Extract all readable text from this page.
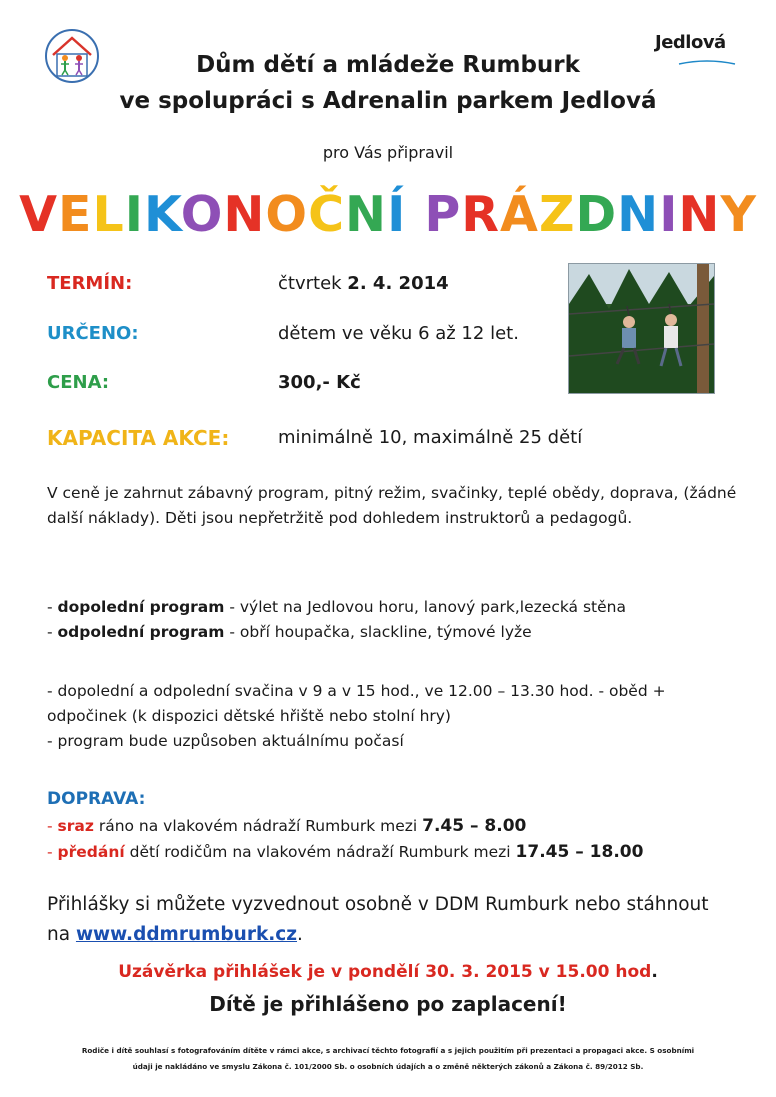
Jedlová
Dům dětí a mládeže Rumburk
ve spolupráci s Adrenalin parkem Jedlová
pro Vás připravil
VELIKONOČNÍ PRÁZDNINY
TERMÍN:	čtvrtek 2. 4. 2014
URČENO:	dětem ve věku 6 až 12 let.
CENA:	300,- Kč
KAPACITA AKCE:	minimálně 10, maximálně 25 dětí
V ceně je zahrnut zábavný program, pitný režim, svačinky, teplé obědy, doprava, (žádné další náklady). Děti jsou nepřetržitě pod dohledem instruktorů a pedagogů.
- dopolední program - výlet na Jedlovou horu, lanový park,lezecká stěna
- odpolední program - obří houpačka, slackline, týmové lyže
- dopolední a odpolední svačina v 9 a v 15 hod., ve 12.00 – 13.30 hod. - oběd +
odpočinek (k dispozici dětské hřiště nebo stolní hry)
- program bude uzpůsoben aktuálnímu počasí
DOPRAVA:
- sraz ráno na vlakovém nádraží Rumburk mezi 7.45 – 8.00
- předání dětí rodičům na vlakovém nádraží Rumburk mezi 17.45 – 18.00
Přihlášky si můžete vyzvednout osobně v DDM Rumburk nebo stáhnout
na www.ddmrumburk.cz.
Uzávěrka přihlášek je v pondělí 30. 3. 2015 v 15.00 hod.
Dítě je přihlášeno po zaplacení!
Rodiče i dítě souhlasí s fotografováním dítěte v rámci akce, s archivací těchto fotografií a s jejich použitím při prezentaci a propagaci akce. S osobními
údaji je nakládáno ve smyslu Zákona č. 101/2000 Sb. o osobních údajích a o změně některých zákonů a Zákona č. 89/2012 Sb.
